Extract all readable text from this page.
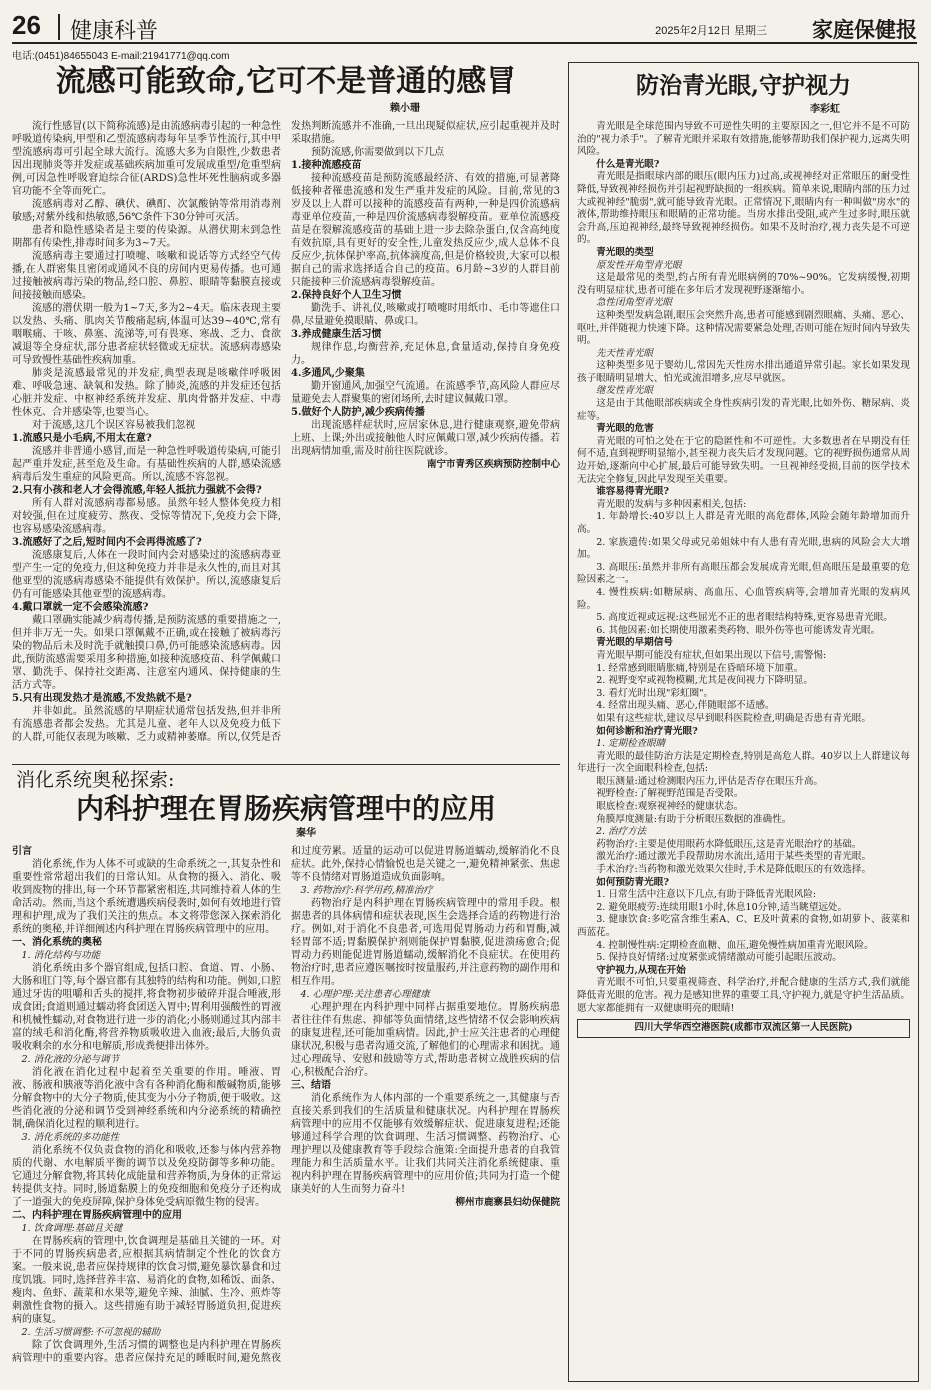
26 健康科普	2025年2月12日 星期三 家庭保健报
电话:(0451)84655043 E-mail:21941771@qq.com
流感可能致命,它可不是普通的感冒
赖小珊

流行性感冒(以下简称流感)是由流感病毒引起的一种急性呼吸道传染病,甲型和乙型流感病毒每年呈季节性流行,其中甲型流感病毒可引起全球大流行。流感大多为自限性,少数患者因出现肺炎等并发症或基础疾病加重可发展成重型/危重型病例,可因急性呼吸窘迫综合征(ARDS)急性坏死性脑病或多器官功能不全等而死亡。

流感病毒对乙醇、碘伏、碘酊、次氯酸钠等常用消毒剂敏感;对紫外线和热敏感,56℃条件下30分钟可灭活。

患者和隐性感染者是主要的传染源。从潜伏期末到急性期都有传染性,排毒时间多为3~7天。

流感病毒主要通过打喷嚏、咳嗽和说话等方式经空气传播,在人群密集且密闭或通风不良的房间内更易传播。也可通过接触被病毒污染的物品,经口腔、鼻腔、眼睛等黏膜直接或间接接触而感染。

流感的潜伏期一般为1~7天,多为2~4天。临床表现主要以发热、头痛、肌肉关节酸痛起病,体温可达39~40℃,常有咽喉痛、干咳、鼻塞、流涕等,可有畏寒、寒战、乏力、食欲减退等全身症状,部分患者症状轻微或无症状。流感病毒感染可导致慢性基础性疾病加重。

肺炎是流感最常见的并发症,典型表现是咳嗽伴呼吸困难、呼吸急速、缺氧和发热。除了肺炎,流感的并发症还包括心脏并发症、中枢神经系统并发症、肌肉骨骼并发症、中毒性休克、合并感染等,也要当心。

对于流感,这几个误区容易被我们忽视

1.流感只是小毛病,不用太在意?

流感并非普通小感冒,而是一种急性呼吸道传染病,可能引起严重并发症,甚至危及生命。有基础性疾病的人群,感染流感病毒后发生重症的风险更高。所以,流感不容忽视。

2.只有小孩和老人才会得流感,年轻人抵抗力强就不会得?

所有人群对流感病毒都易感。虽然年轻人整体免疫力相对较强,但在过度疲劳、熬夜、受惊等情况下,免疫力会下降,也容易感染流感病毒。

3.流感好了之后,短时间内不会再得流感了?

流感康复后,人体在一段时间内会对感染过的流感病毒亚型产生一定的免疫力,但这种免疫力并非是永久性的,而且对其他亚型的流感病毒感染不能提供有效保护。所以,流感康复后仍有可能感染其他亚型的流感病毒。

4.戴口罩就一定不会感染流感?

戴口罩确实能减少病毒传播,是预防流感的重要措施之一,但并非万无一失。如果口罩佩戴不正确,或在接触了被病毒污染的物品后未及时洗手就触摸口鼻,仍可能感染流感病毒。因此,预防流感需要采用多种措施,如接种流感疫苗、科学佩戴口罩、勤洗手、保持社交距离、注意室内通风、保持健康的生活方式等。

5.只有出现发热才是流感,不发热就不是?

并非如此。虽然流感的早期症状通常包括发热,但并非所有流感患者都会发热。尤其是儿童、老年人以及免疫力低下的人群,可能仅表现为咳嗽、乏力或精神萎靡。所以,仅凭是否发热判断流感并不准确,一旦出现疑似症状,应引起重视并及时采取措施。

预防流感,你需要做到以下几点

1.接种流感疫苗

接种流感疫苗是预防流感最经济、有效的措施,可显著降低接种者罹患流感和发生严重并发症的风险。目前,常见的3岁及以上人群可以接种的流感疫苗有两种,一种是四价流感病毒亚单位疫苗,一种是四价流感病毒裂解疫苗。亚单位流感疫苗是在裂解流感疫苗的基础上进一步去除杂蛋白,仅含高纯度有效抗原,具有更好的安全性,儿童发热反应少,成人总体不良反应少,抗体保护率高,抗体滴度高,但是价格较贵,大家可以根据自己的需求选择适合自己的疫苗。6月龄~3岁的人群目前只能接种三价流感病毒裂解疫苗。

2.保持良好个人卫生习惯

勤洗手、讲礼仪,咳嗽或打喷嚏时用纸巾、毛巾等遮住口鼻,尽量避免摸眼睛、鼻或口。

3.养成健康生活习惯

规律作息,均衡营养,充足休息,食量适动,保持自身免疫力。

4.多通风,少聚集

勤开窗通风,加强空气流通。在流感季节,高风险人群应尽量避免去人群聚集的密闭场所,去时建议佩戴口罩。

5.做好个人防护,减少疾病传播

出现流感样症状时,应居家休息,进行健康观察,避免带病上班、上课;外出或接触他人时应佩戴口罩,减少疾病传播。若出现病情加重,需及时前往医院就诊。

南宁市青秀区疾病预防控制中心

消化系统奥秘探索:
内科护理在胃肠疾病管理中的应用
秦华

引言

消化系统,作为人体不可或缺的生命系统之一,其复杂性和重要性常常超出我们的日常认知。从食物的摄入、消化、吸收到废物的排出,每一个环节都紧密相连,共同维持着人体的生命活动。然而,当这个系统遭遇疾病侵袭时,如何有效地进行管理和护理,成为了我们关注的焦点。本文将带您深入探索消化系统的奥秘,并详细阐述内科护理在胃肠疾病管理中的应用。

一、消化系统的奥秘

1. 消化结构与功能

消化系统由多个器官组成,包括口腔、食道、胃、小肠、大肠和肛门等,每个器官都有其独特的结构和功能。例如,口腔通过牙齿的咀嚼和舌头的搅拌,将食物初步破碎并混合唾液,形成食团;食道则通过蠕动将食团送入胃中;胃利用强酸性的胃液和机械性蠕动,对食物进行进一步的消化;小肠则通过其内部丰富的绒毛和消化酶,将营养物质吸收进入血液;最后,大肠负责吸收剩余的水分和电解质,形成粪便排出体外。

2. 消化液的分泌与调节

消化液在消化过程中起着至关重要的作用。唾液、胃液、肠液和胰液等消化液中含有各种消化酶和酸碱物质,能够分解食物中的大分子物质,使其变为小分子物质,便于吸收。这些消化液的分泌和调节受到神经系统和内分泌系统的精确控制,确保消化过程的顺利进行。

3. 消化系统的多功能性

消化系统不仅负责食物的消化和吸收,还参与体内营养物质的代谢、水电解质平衡的调节以及免疫防御等多种功能。它通过分解食物,将其转化成能量和营养物质,为身体的正常运转提供支持。同时,肠道黏膜上的免疫细胞和免疫分子还构成了一道强大的免疫屏障,保护身体免受病原微生物的侵害。

二、内科护理在胃肠疾病管理中的应用

1. 饮食调理:基础且关键

在胃肠疾病的管理中,饮食调理是基础且关键的一环。对于不同的胃肠疾病患者,应根据其病情制定个性化的饮食方案。一般来说,患者应保持规律的饮食习惯,避免暴饮暴食和过度饥饿。同时,选择营养丰富、易消化的食物,如稀饭、面条、瘦肉、鱼虾、蔬菜和水果等,避免辛辣、油腻、生冷、煎炸等刺激性食物的摄入。这些措施有助于减轻胃肠道负担,促进疾病的康复。

2. 生活习惯调整:不可忽视的辅助

除了饮食调理外,生活习惯的调整也是内科护理在胃肠疾病管理中的重要内容。患者应保持充足的睡眠时间,避免熬夜和过度劳累。适量的运动可以促进胃肠道蠕动,缓解消化不良症状。此外,保持心情愉悦也是关键之一,避免精神紧张、焦虑等不良情绪对胃肠道造成负面影响。

3. 药物治疗:科学用药,精准治疗

药物治疗是内科护理在胃肠疾病管理中的常用手段。根据患者的具体病情和症状表现,医生会选择合适的药物进行治疗。例如,对于消化不良患者,可选用促胃肠动力药和胃酶,减轻胃部不适;胃黏膜保护剂则能保护胃黏膜,促进溃疡愈合;促胃动力药则能促进胃肠道蠕动,缓解消化不良症状。在使用药物治疗时,患者应遵医嘱按时按量服药,并注意药物的副作用和相互作用。

4. 心理护理:关注患者心理健康

心理护理在内科护理中同样占据重要地位。胃肠疾病患者往往伴有焦虑、抑郁等负面情绪,这些情绪不仅会影响疾病的康复进程,还可能加重病情。因此,护士应关注患者的心理健康状况,积极与患者沟通交流,了解他们的心理需求和困扰。通过心理疏导、安慰和鼓励等方式,帮助患者树立战胜疾病的信心,积极配合治疗。

三、结语

消化系统作为人体内部的一个重要系统之一,其健康与否直接关系到我们的生活质量和健康状况。内科护理在胃肠疾病管理中的应用不仅能够有效缓解症状、促进康复进程;还能够通过科学合理的饮食调理、生活习惯调整、药物治疗、心理护理以及健康教育等手段综合施策:全面提升患者的自我管理能力和生活质量水平。让我们共同关注消化系统健康、重视内科护理在胃肠疾病管理中的应用价值;共同为打造一个健康美好的人生而努力奋斗!

柳州市鹿寨县妇幼保健院

防治青光眼,守护视力
李彩虹

青光眼是全球范围内导致不可逆性失明的主要原因之一,但它并不是不可防治的"视力杀手"。了解青光眼并采取有效措施,能够帮助我们保护视力,远离失明风险。

什么是青光眼?

青光眼是指眼球内部的眼压(眼内压力)过高,或视神经对正常眼压的耐受性降低,导致视神经损伤并引起视野缺损的一组疾病。简单来说,眼睛内部的压力过大或视神经"脆弱",就可能导致青光眼。正常情况下,眼睛内有一种叫做"房水"的液体,帮助维持眼压和眼睛的正常功能。当房水排出受阻,或产生过多时,眼压就会升高,压迫视神经,最终导致视神经损伤。如果不及时治疗,视力丧失是不可逆的。

青光眼的类型

原发性开角型青光眼

这是最常见的类型,约占所有青光眼病例的70%~90%。它发病缓慢,初期没有明显症状,患者可能在多年后才发现视野逐渐缩小。

急性闭角型青光眼

这种类型发病急剧,眼压会突然升高,患者可能感到剧烈眼痛、头痛、恶心、呕吐,并伴随视力快速下降。这种情况需要紧急处理,否则可能在短时间内导致失明。

先天性青光眼

这种类型多见于婴幼儿,常因先天性房水排出通道异常引起。家长如果发现孩子眼睛明显增大、怕光或流泪增多,应尽早就医。

继发性青光眼

这是由于其他眼部疾病或全身性疾病引发的青光眼,比如外伤、糖尿病、炎症等。

青光眼的危害

青光眼的可怕之处在于它的隐匿性和不可逆性。大多数患者在早期没有任何不适,直到视野明显缩小,甚至视力丧失后才发现问题。它的视野损伤通常从周边开始,逐渐向中心扩展,最后可能导致失明。一旦视神经受损,目前的医学技术无法完全修复,因此早发现至关重要。

谁容易得青光眼?

青光眼的发病与多种因素相关,包括:

1. 年龄增长:40岁以上人群是青光眼的高危群体,风险会随年龄增加而升高。

2. 家族遗传:如果父母或兄弟姐妹中有人患有青光眼,患病的风险会大大增加。

3. 高眼压:虽然并非所有高眼压都会发展成青光眼,但高眼压是最重要的危险因素之一。

4. 慢性疾病:如糖尿病、高血压、心血管疾病等,会增加青光眼的发病风险。

5. 高度近视或远视:这些屈光不正的患者眼结构特殊,更容易患青光眼。

6. 其他因素:如长期使用激素类药物、眼外伤等也可能诱发青光眼。

青光眼的早期信号

青光眼早期可能没有症状,但如果出现以下信号,需警惕:

1. 经常感到眼睛胀痛,特别是在昏暗环境下加重。

2. 视野变窄或视物模糊,尤其是夜间视力下降明显。

3. 看灯光时出现"彩虹圈"。

4. 经常出现头痛、恶心,伴随眼部不适感。

如果有这些症状,建议尽早到眼科医院检查,明确是否患有青光眼。

如何诊断和治疗青光眼?

1. 定期检查眼睛

青光眼的最佳防治方法是定期检查,特别是高危人群。40岁以上人群建议每年进行一次全面眼科检查,包括:

眼压测量:通过检测眼内压力,评估是否存在眼压升高。

视野检查:了解视野范围是否受限。

眼底检查:观察视神经的健康状态。

角膜厚度测量:有助于分析眼压数据的准确性。

2. 治疗方法

药物治疗:主要是使用眼药水降低眼压,这是青光眼治疗的基础。

激光治疗:通过激光手段帮助房水流出,适用于某些类型的青光眼。

手术治疗:当药物和激光效果欠佳时,手术是降低眼压的有效选择。

如何预防青光眼?

1. 日常生活中注意以下几点,有助于降低青光眼风险:

2. 避免眼疲劳:连续用眼1小时,休息10分钟,适当眺望远处。

3. 健康饮食:多吃富含维生素A、C、E及叶黄素的食物,如胡萝卜、菠菜和西蓝花。

4. 控制慢性病:定期检查血糖、血压,避免慢性病加重青光眼风险。

5. 保持良好情绪:过度紧张或情绪激动可能引起眼压波动。

守护视力,从现在开始

青光眼不可怕,只要重视筛查、科学治疗,并配合健康的生活方式,我们就能降低青光眼的危害。视力是感知世界的重要工具,守护视力,就是守护生活品质。愿大家都能拥有一双健康明亮的眼睛!

四川大学华西空港医院(成都市双流区第一人民医院)
